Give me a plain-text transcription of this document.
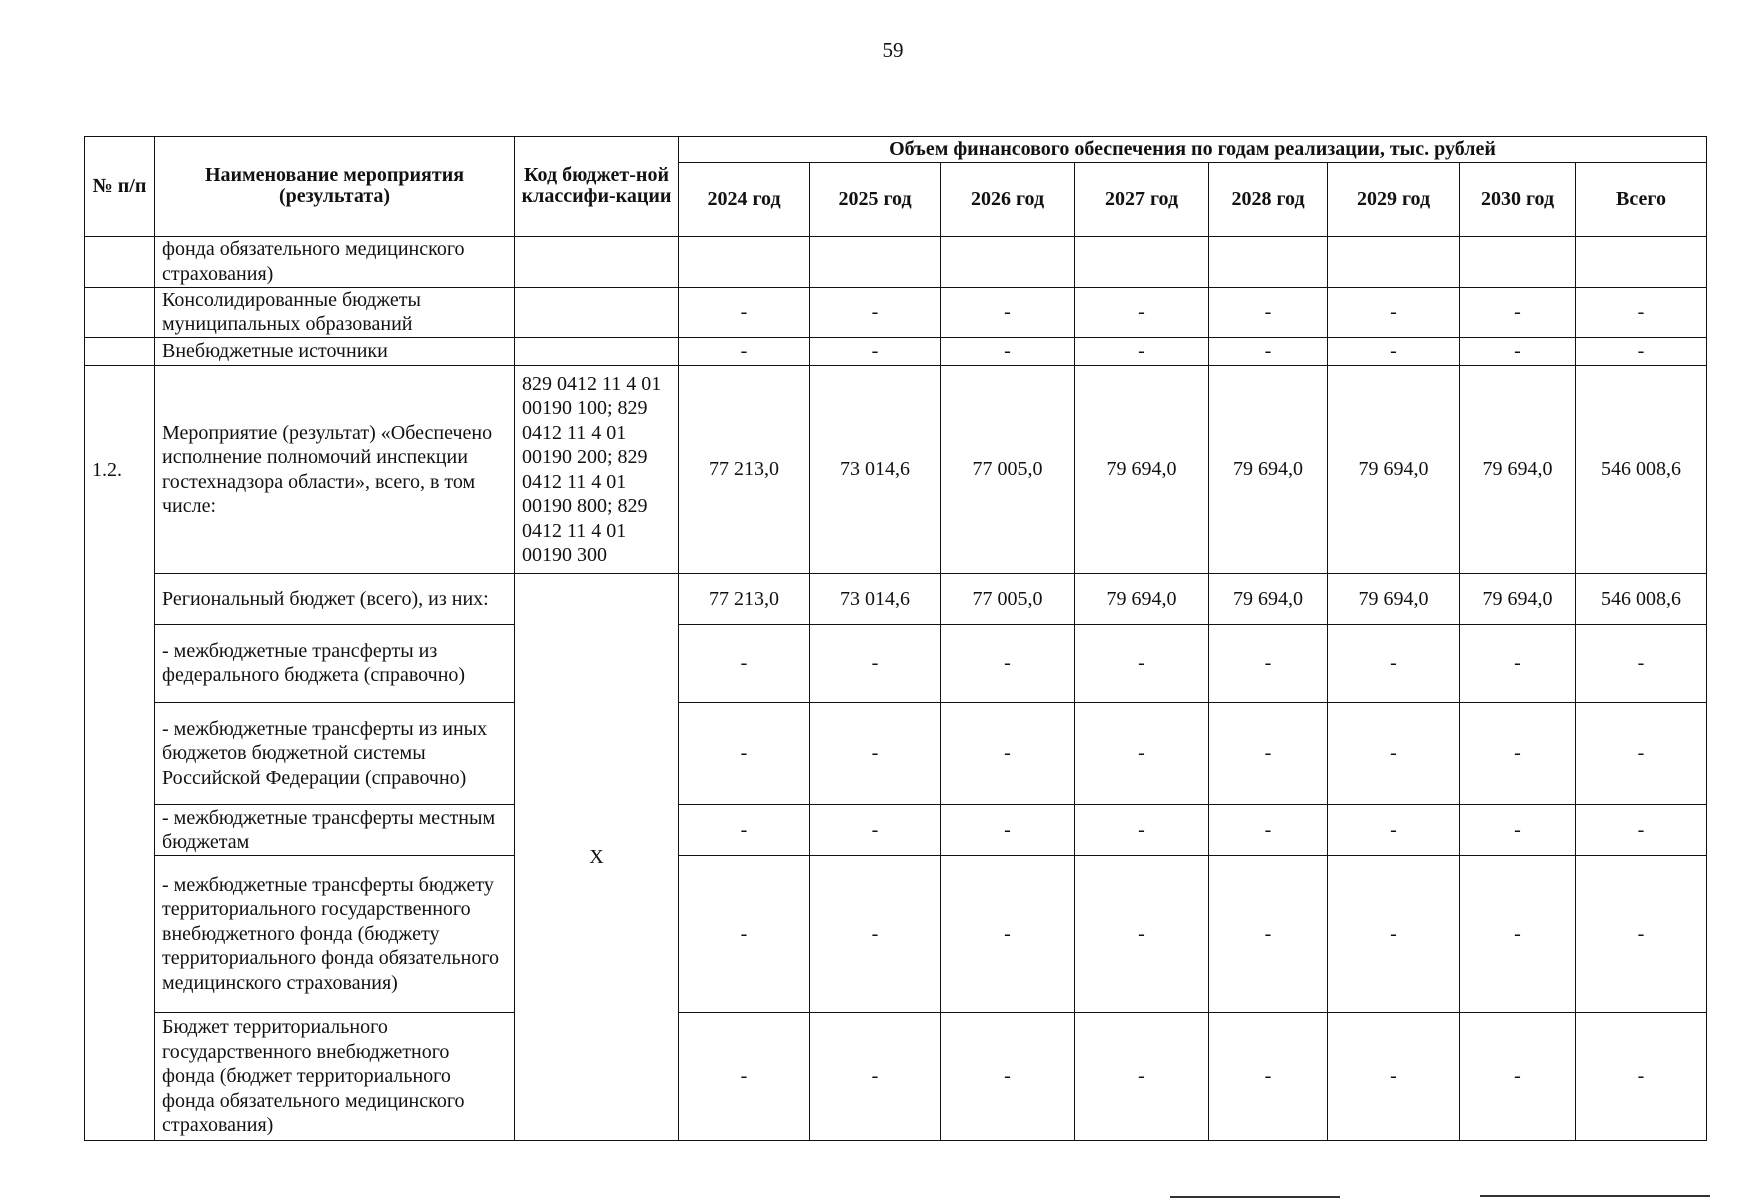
59
№ п/п	Наименование мероприятия (результата)	Код бюджет-ной классифи-кации	Объем финансового обеспечения по годам реализации, тыс. рублей							
			2024 год	2025 год	2026 год	2027 год	2028 год	2029 год	2030 год	Всего
	фонда обязательного медицинского страхования)									
	Консолидированные бюджеты муниципальных образований		-	-	-	-	-	-	-	-
	Внебюджетные источники		-	-	-	-	-	-	-	-
1.2.	Мероприятие (результат) «Обеспечено исполнение полномочий инспекции гостехнадзора области», всего, в том числе:	829 0412 11 4 01 00190 100; 829 0412 11 4 01 00190 200; 829 0412 11 4 01 00190 800; 829 0412 11 4 01 00190 300	77 213,0	73 014,6	77 005,0	79 694,0	79 694,0	79 694,0	79 694,0	546 008,6
	Региональный бюджет (всего), из них:	X	77 213,0	73 014,6	77 005,0	79 694,0	79 694,0	79 694,0	79 694,0	546 008,6
	- межбюджетные трансферты из федерального бюджета (справочно)		-	-	-	-	-	-	-	-
	- межбюджетные трансферты из иных бюджетов бюджетной системы Российской Федерации (справочно)		-	-	-	-	-	-	-	-
	- межбюджетные трансферты местным бюджетам		-	-	-	-	-	-	-	-
	- межбюджетные трансферты бюджету территориального государственного внебюджетного фонда (бюджету территориального фонда обязательного медицинского страхования)		-	-	-	-	-	-	-	-
	Бюджет территориального государственного внебюджетного фонда (бюджет территориального фонда обязательного медицинского страхования)		-	-	-	-	-	-	-	-
